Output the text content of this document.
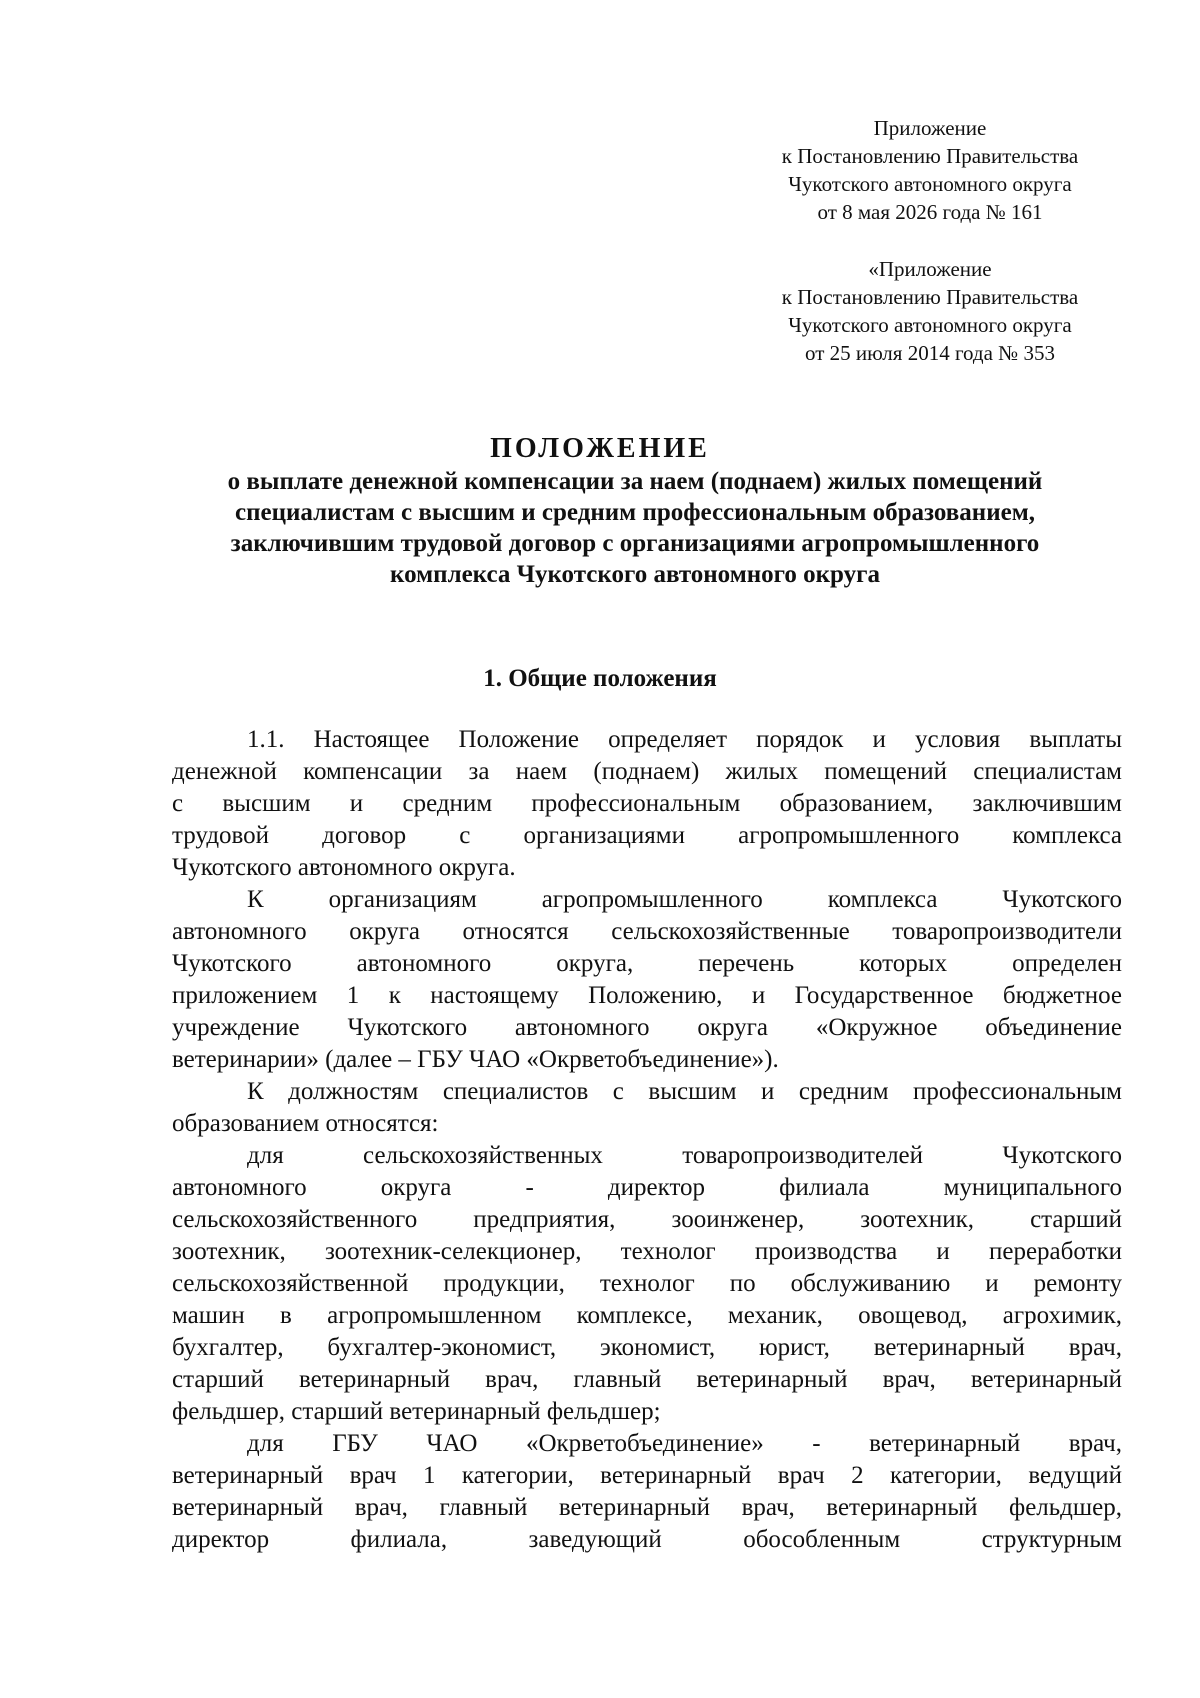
Приложение
к Постановлению Правительства
Чукотского автономного округа
от 8 мая 2026 года № 161
«Приложение
к Постановлению Правительства
Чукотского автономного округа
от 25 июля 2014 года № 353
ПОЛОЖЕНИЕ
о выплате денежной компенсации за наем (поднаем) жилых помещений
специалистам с высшим и средним профессиональным образованием,
заключившим трудовой договор с организациями агропромышленного
комплекса Чукотского автономного округа
1. Общие положения
1.1. Настоящее Положение определяет порядок и условия выплаты
денежной компенсации за наем (поднаем) жилых помещений специалистам
с высшим и средним профессиональным образованием, заключившим
трудовой договор с организациями агропромышленного комплекса
Чукотского автономного округа.
К организациям агропромышленного комплекса Чукотского
автономного округа относятся сельскохозяйственные товаропроизводители
Чукотского автономного округа, перечень которых определен
приложением 1 к настоящему Положению, и Государственное бюджетное
учреждение Чукотского автономного округа «Окружное объединение
ветеринарии» (далее – ГБУ ЧАО «Окрветобъединение»).
К должностям специалистов с высшим и средним профессиональным
образованием относятся:
для сельскохозяйственных товаропроизводителей Чукотского
автономного округа - директор филиала муниципального
сельскохозяйственного предприятия, зооинженер, зоотехник, старший
зоотехник, зоотехник-селекционер, технолог производства и переработки
сельскохозяйственной продукции, технолог по обслуживанию и ремонту
машин в агропромышленном комплексе, механик, овощевод, агрохимик,
бухгалтер, бухгалтер-экономист, экономист, юрист, ветеринарный врач,
старший ветеринарный врач, главный ветеринарный врач, ветеринарный
фельдшер, старший ветеринарный фельдшер;
для ГБУ ЧАО «Окрветобъединение» - ветеринарный врач,
ветеринарный врач 1 категории, ветеринарный врач 2 категории, ведущий
ветеринарный врач, главный ветеринарный врач, ветеринарный фельдшер,
директор филиала, заведующий обособленным структурным
